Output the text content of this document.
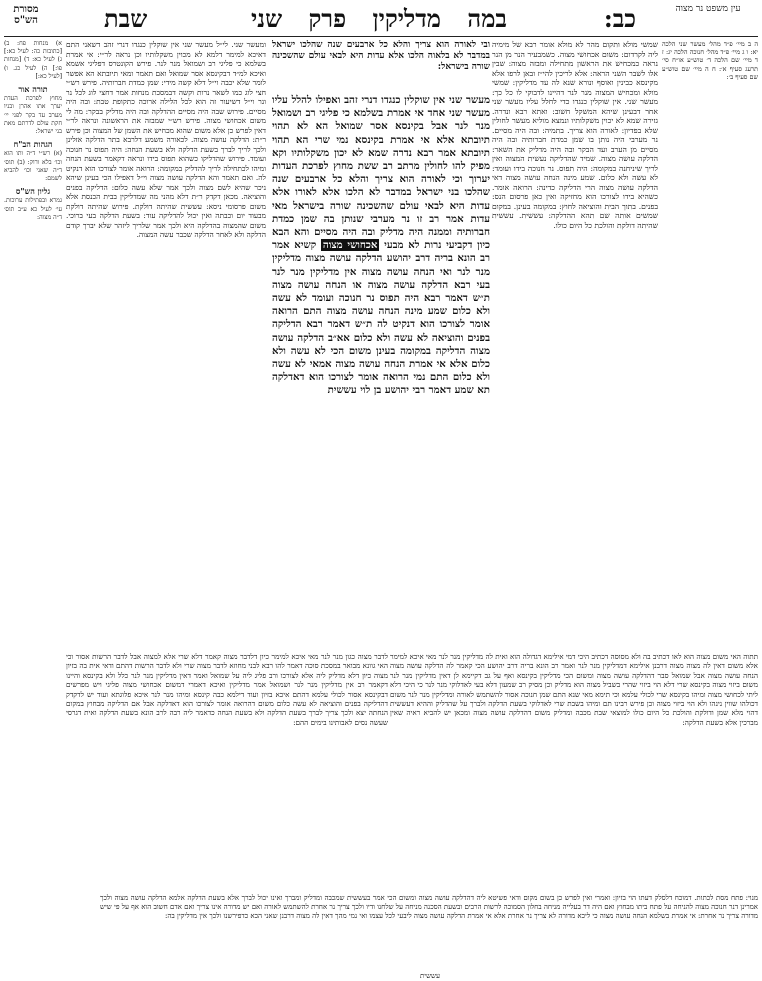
עין משפט נר מצוה
כב:
במה מדליקין פרק שני
שבת
מסורת הש"ס
ה ב מיי׳ פ״ד מהל׳ מעשר שני הלכה יא: ו ג מיי׳ פ״ד מהל׳ חנוכה הלכה יג: ז ד מיי׳ שם הלכה ד׳ טוש״ע או״ח סי׳ תרעג סעיף א׳: ח ה מיי׳ שם טוש״ע שם סעיף ב׳:
א) מנחות פח: ב) [כתובות כה: לעיל כא:] ג) לעיל כא: ד) [מנחות פו:] ה) לעיל כג. ו) [לעיל כא:]
תורה אור
מחוץ לפרכת העדת יערך אתו אהרן ובניו מערב עד בקר לפני יי׳ חקת עולם לדרתם מאת בני ישראל:
הגהות הב"ח
(א) רש״י ד״ה ותו הוא וכו׳ בלא ורוק: (ב) תוס׳ ד״ה שאני וכו׳ להביא לשמם:
גליון הש"ס
גמרא ובפתילות ערוכות. עי׳ לעיל כא ע״ב תוס׳ ד״ה מצוה:
שמשי מולא ותקום מהר לא מולא אומר רבא של מימיה ליה לקרדום: משום אכחושי מצוה. כשמבעיר הנר מן הנר נראה כמכחיש את הראשון מתחילה ומבזה מצוה: שבין אלו לשבר השני הראה: אלא לריכין להי״ז ובאן לרפו אלא מקינסא כבינין ואוסף ונורא שנא לה עד מדליקין: שמשי מולא ומכחיש המצוה מנר לנר דהיינו לדבוקי לו כל כך: מעשר שני. אין שוקלין כנגדו כדי לחלל עליו מעשר שני אחר דבעינן שיהא המשקל חשוב: ואתא רבא ונדרה. גזירה שמא לא יכוין משקלותיו ונמצא מוליא מעשר לחולין שלא בפדיון: לאורה הוא צריך. בתמיה: ובה היה מסיים. נר מערבי היה נותן בו שמן כמדת חברותיה ובה היה מסיים מן הערב ועד הבקר ובה היה מדליק את השאר: הדלקה עושה מצוה. שמיד שהדליקה נעשית המצוה ואין לריך שיניחנה במקומה: היה תפוס. נר חנוכה בידו ועומד: לא עשה ולא כלום. שמע מינה הנחה עושה מצוה דאי הדלקה עושה מצוה הרי הדליקה כדינה: הרואה אומר. כשהיא בידו לצורכו הוא מחזיקה ואין כאן פרסום הנס: בפנים. בתוך הבית והוציאה לחוץ: במקומה בעינן. במקום שמשים אותה שם תהא ההדלקה: עששית. עששית שהיתה דולקת והולכת כל היום כולו.
ובי לאורה הוא צריך והלא כל ארבעים שנה שהלכו ישראל במדבר לא בלאוה הלכו אלא עדות היא לבאי עולם שהשכינה שורה בישראל:
מעשר שני אין שוקלין כנגדו דנרי זהב ואפילו להלל עליו מעשר שני אחד אי אמרת בשלמא כי פליגי רב ושמואל מנר לנר אבל בקינסא אסר שמואל הא לא תהוי תיובתא אלא אי אמרת בקינסא נמי שרי הא תהוי תיובתא אמר רבא נדרה שמא לא יכון משקלותיו וקא מפיק להו לחולין מרתב רב ששת מחוץ לפרכת העדות יערוך וכי לאורה הוא צריך והלא כל ארבעים שנה שהלכו בני ישראל במדבר לא הלכו אלא לאורו אלא עדות היא לבאי עולם שהשכינה שורה בישראל מאי עדות אמר רב זו נר מערבי שנותן בה שמן כמדת חברותיה וממנה היה מדליק ובה היה מסיים והא הבא כיון דקביעי נרות לא מבעי אכחושי מצוה קשיא אמר רב הונא בריה דרב יהושע הדלקה עושה מצוה מדליקין מנר לנר ואי הנחה עושה מצוה אין מדליקין מנר לנר בעי רבא הדלקה עושה מצוה או הנחה עושה מצוה ת״ש דאמר רבא היה תפוס נר חנוכה ועומד לא עשה ולא כלום שמע מינה הנחה עושה מצוה התם הרואה אומר לצורכו הוא דנקיט לה ת״ש דאמר רבא הדליקה בפנים והוציאה לא עשה ולא כלום אא״ב הדלקה עושה מצוה הדליקה במקומה בעינן משום הכי לא עשה ולא כלום אלא אי אמרת הנחה עושה מצוה אמאי לא עשה ולא כלום התם נמי הרואה אומר לצורכו הוא דאדלקה תא שמע דאמר רבי יהושע בן לוי עששית
ומעשר שני. לי״ל מעשר שני אין שוקלין כנגדו דנרי זהב דשאני התם דאיכא למימר דלמא לא מכוין משקלותיו וכן נראה לר״י: אי אמרת בשלמא כי פליגי רב ושמואל מנר לנר. פירש הקונטרס דפליגי אשמא ואיכא למ״ד דבקינסא אסר שמואל ואם תאמר ומאי תיובתא הא אפשר לומר שלא יכבה וי״ל דלא קשה מידי: שמן כמדת חברותיה. פירש רש״י חצי לוג כמו לשאר נרות וקשה דבמסכת מנחות אמר דחצי לוג לכל נר ונר וי״ל דשיעור זה הוא לכל הלילה ארוכה כתקופת טבת: ובה היה מסיים. פירוש שבה היה מסיים ההדלקה ובה היה מדליק בבקר: מה לי משום אכחושי מצוה. פירש רש״י שמבזה את הראשונה ונראה לר״י דאין לפרש כן אלא משום שהוא מכחיש את השמן של המצוה וכן פירש ר״ת: הדלקה עושה מצוה. לכאורה משמע דלרבא בתר הדלקה אזלינן ולכך לריך לברך בשעת הדלקה ולא בשעת הנחה: היה תפוס נר חנוכה ועומד. פירוש שהדליקו כשהוא תפוס בידו ונראה דקאמר בשעת הנחה ומיהו לכתחילה לריך להדליק במקומה: הרואה אומר לצורכו הוא דנקיט לה. ואם תאמר והא הדלקה עושה מצוה וי״ל דאפילו הכי בעינן שיהא ניכר שהיא לשם מצוה ולכך אמר שלא עשה כלום: הדליקה בפנים והוציאה. מכאן דקדק ר״ת דלא מהני מה שמדליקין בבית הכנסת אלא משום פרסומי ניסא: עששית שהיתה דולקת. פירוש שהיתה דולקת מבעוד יום וכבתה ואין יכול להדליקה עוד: בשעת הדלקה בעי ברוכי. משום שהמצוה בהדלקה היא ולכך אמר שלריך ליזהר שלא יברך קודם הדלקה ולא לאחר הדלקה שכבר עשה המצוה.
תתוה האי משום מצוה הוא לאו דכתיב בה ולא מסוסה דכתיב היכי דמי אילימא דגדולה הוא ואית לה מדליקין מנר לנר מאי איכא למימר אלא משום דאין לה מצוה מצוה דרבנן אילימא דמדליקין מנר לנר ואמר רב הונא בריה דרב יהושע הכי קאמר לה הדלקה עושה מצוה הנחה עושה מצוה אבל שמואל סבר דהדלקה עושה מצוה ומשום הכי מדליקין בקינסא ואף על גב דקיימא לן דאין מדליקין מנר לנר משום ביזוי מצוה בקינסא שרי דלא הוי ביזוי שהרי בשביל מצוה הוא מדליק וכן מסיק רב שמעון דלא בעי לאדלוקי מנר לנר כי היכי דלא ליתי לכחושי מצוה ומיהו בקינסא שרי לכולי עלמא וכי תימא מאי שנא התם שמן חנוכה אסור להשתמש לאורה ומדליקין מנר לנר משום דכולהו שווין נינהו ולא הוי ביזוי מצוה וכן פירש רבינו תם ומיהו בשבת שרי לאדלוקי בשעת הדלקה ולברך על שהדליק וההיא דעששית דהוי מלא שמן ודולקת והולכת כל היום כולו למוצאי שבת מכבה ומדליק משום דהדלקה עושה מצוה ומכאן יש להביא ראיה שאין מברכין אלא בשעת הדלקה:
לדבר מצוה כגון מנר לנר מאי איכא למימר כיון דלדבר מצוה קאמר דלא שרי אלא למצוה אבל לדבר הרשות אסור וכי האי גוונא מבואר במסכת סוכה דאמר להו רבא לבני מחוזא לדבר מצוה שרי ולא לדבר הרשות דהתם ודאי אית בה בזיון מצוה כיון דלא מדליק ליה אלא לצורכו ורב פליג ליה על שמואל ואמר דאין מדליקין מנר לנר כלל ולא בקינסא והיינו דקאמר רב אין מדליקין מנר לנר ושמואל אמר מדליקין ואיכא דאמרי דמשום אכחושי מצוה פליגי ויש מפרשים דבקינסא אסור לכולי עלמא דהתם איכא בזיון ועוד דילמא כבה קינסא ומיהו מנר לנר איכא פלוגתא ועוד יש לדקדק דהדליקה בפנים והוציאה לא עשה כלום משום דהרואה אומר לצורכו הוא דאדלקה אבל אם הדליקה מבחוץ במקום הנחתה יצא ולכך צריך לברך בשעת הדלקה ולא בשעת הנחה כדאמר ליה רבה לרב הונא בשעת הדלקה ואית דגרסי שעשה נסים לאבותינו בימים ההם:
מנוי: פתח מסת לכתות. דמוכח דלסלק דעתו הוי בזיון: ואמרי ואין לפרש כן בשום מקום ודאי פשיטא ליה דהדלקה עושה מצוה ומשום הכי אמר בעששית שמכבה ומדליק ומברך ואינו יכול לברך אלא בשעת הדלקה אלמא הדלקה עושה מצוה ולכך אמרינן דנר חנוכה מצוה להניחה על פתח ביתו מבחוץ ואם היה דר בעלייה מניחה בחלון הסמוכה לרשות הרבים ובשעת הסכנה מניחה על שלחנו ודיו ולכך צריך נר אחרת להשתמש לאורה ואם יש מדורה אינו צריך ואם אדם חשוב הוא אף על פי שיש מדורה צריך נר אחרת: אי אמרת בשלמא הנחה עושה מצוה כי ליכא מדורה לא צריך נר אחרת אלא אי אמרת הדלקה עושה מצוה ליבעי לכל עצמו ואי נמי מהך דאין לה מצוה דרבנן שאני הכא כדפירשנו ולכך אין מדליקין בה:
עששית
